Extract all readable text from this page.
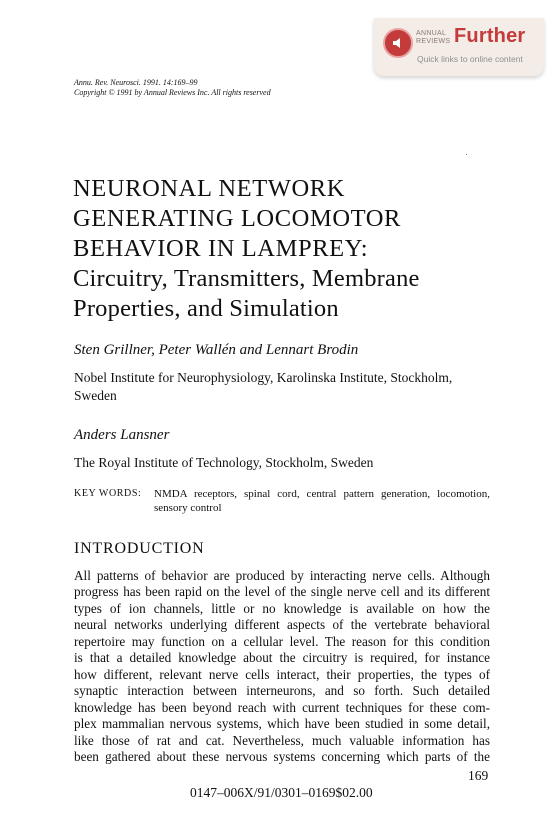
ANNUAL
REVIEWS Further
Quick links to online content
Annu. Rev. Neurosci. 1991. 14:169–99
Copyright © 1991 by Annual Reviews Inc. All rights reserved
NEURONAL NETWORK
GENERATING LOCOMOTOR
BEHAVIOR IN LAMPREY:
Circuitry, Transmitters, Membrane
Properties, and Simulation
Sten Grillner, Peter Wallén and Lennart Brodin
Nobel Institute for Neurophysiology, Karolinska Institute, Stockholm, Sweden
Anders Lansner
The Royal Institute of Technology, Stockholm, Sweden
KEY WORDS: NMDA receptors, spinal cord, central pattern generation, locomotion, sensory control
INTRODUCTION
All patterns of behavior are produced by interacting nerve cells. Although
progress has been rapid on the level of the single nerve cell and its different
types of ion channels, little or no knowledge is available on how the
neural networks underlying different aspects of the vertebrate behavioral
repertoire may function on a cellular level. The reason for this condition
is that a detailed knowledge about the circuitry is required, for instance
how different, relevant nerve cells interact, their properties, the types of
synaptic interaction between interneurons, and so forth. Such detailed
knowledge has been beyond reach with current techniques for these com-
plex mammalian nervous systems, which have been studied in some detail,
like those of rat and cat. Nevertheless, much valuable information has
been gathered about these nervous systems concerning which parts of the
169
0147–006X/91/0301–0169$02.00
